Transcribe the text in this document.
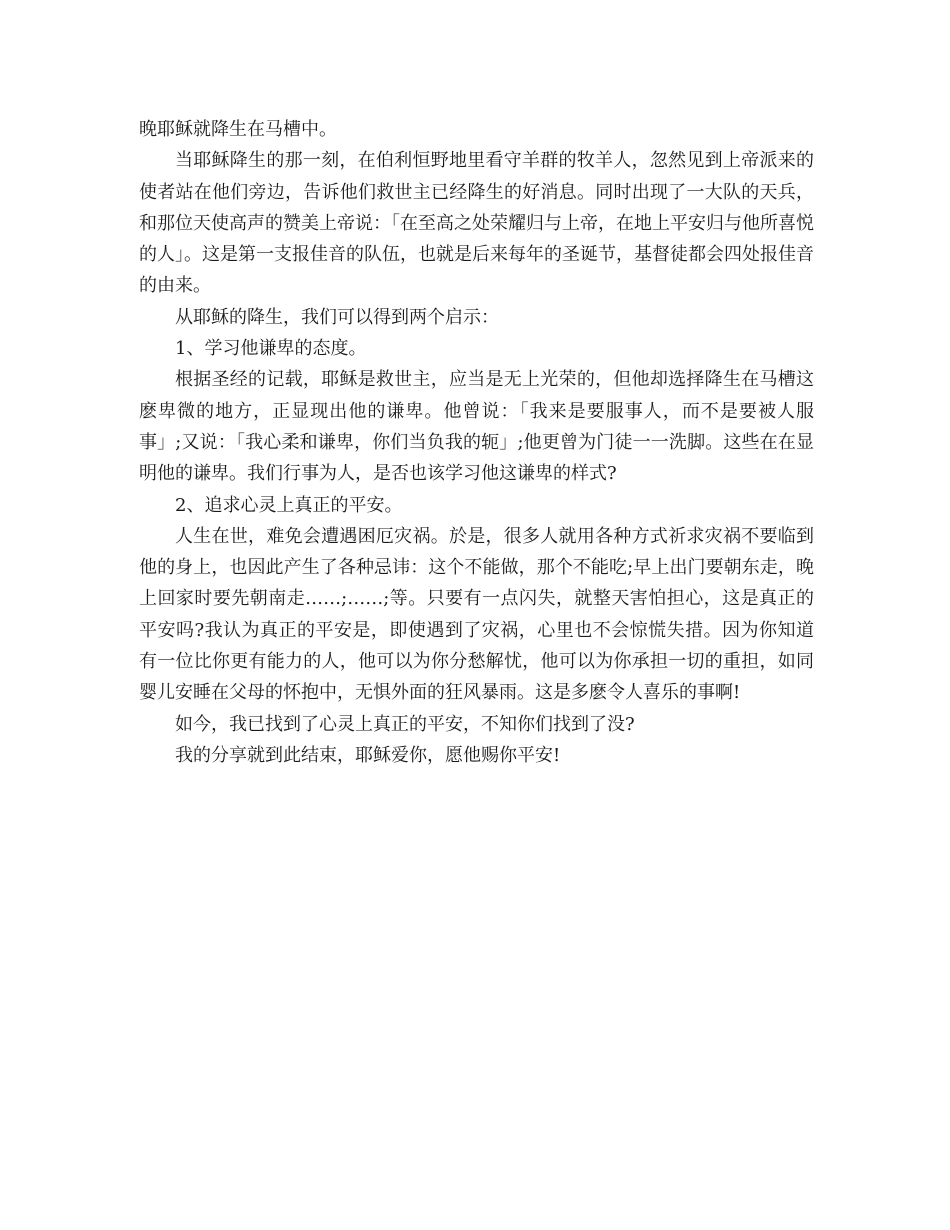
晚耶稣就降生在马槽中。

当耶稣降生的那一刻，在伯利恒野地里看守羊群的牧羊人，忽然见到上帝派来的使者站在他们旁边，告诉他们救世主已经降生的好消息。同时出现了一大队的天兵，和那位天使高声的赞美上帝说：「在至高之处荣耀归与上帝，在地上平安归与他所喜悦的人」。这是第一支报佳音的队伍，也就是后来每年的圣诞节，基督徒都会四处报佳音的由来。

从耶稣的降生，我们可以得到两个启示：

1、学习他谦卑的态度。

根据圣经的记载，耶稣是救世主，应当是无上光荣的，但他却选择降生在马槽这麽卑微的地方，正显现出他的谦卑。他曾说：「我来是要服事人，而不是要被人服事」;又说：「我心柔和谦卑，你们当负我的轭」;他更曾为门徒一一洗脚。这些在在显明他的谦卑。我们行事为人，是否也该学习他这谦卑的样式?

2、追求心灵上真正的平安。

人生在世，难免会遭遇困厄灾祸。於是，很多人就用各种方式祈求灾祸不要临到他的身上，也因此产生了各种忌讳：这个不能做，那个不能吃;早上出门要朝东走，晚上回家时要先朝南走……;……;等。只要有一点闪失，就整天害怕担心，这是真正的平安吗?我认为真正的平安是，即使遇到了灾祸，心里也不会惊慌失措。因为你知道有一位比你更有能力的人，他可以为你分愁解忧，他可以为你承担一切的重担，如同婴儿安睡在父母的怀抱中，无惧外面的狂风暴雨。这是多麽令人喜乐的事啊!

如今，我已找到了心灵上真正的平安，不知你们找到了没?

我的分享就到此结束，耶稣爱你，愿他赐你平安!
